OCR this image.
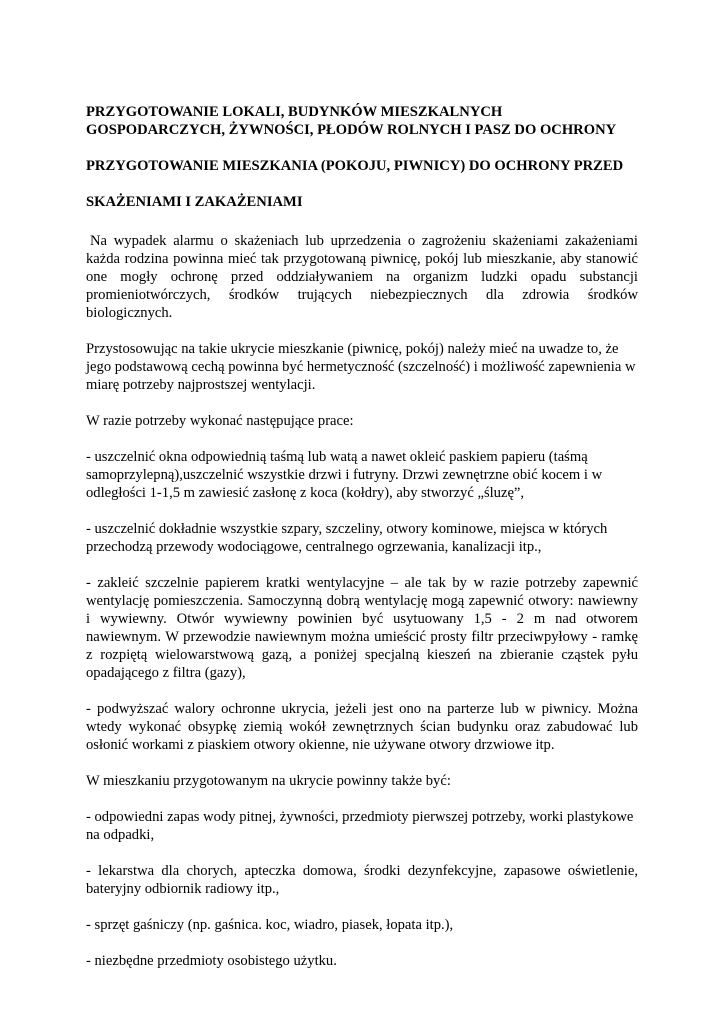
PRZYGOTOWANIE LOKALI, BUDYNKÓW MIESZKALNYCH GOSPODARCZYCH, ŻYWNOŚCI, PŁODÓW ROLNYCH I PASZ DO OCHRONY

PRZYGOTOWANIE MIESZKANIA (POKOJU, PIWNICY) DO OCHRONY PRZED

SKAŻENIAMI I ZAKAŻENIAMI

Na wypadek alarmu o skażeniach lub uprzedzenia o zagrożeniu skażeniami zakażeniami każda rodzina powinna mieć tak przygotowaną piwnicę, pokój lub mieszkanie, aby stanowić one mogły ochronę przed oddziaływaniem na organizm ludzki opadu substancji promieniotwórczych, środków trujących niebezpiecznych dla zdrowia środków biologicznych.

Przystosowując na takie ukrycie mieszkanie (piwnicę, pokój) należy mieć na uwadze to, że jego podstawową cechą powinna być hermetyczność (szczelność) i możliwość zapewnienia w miarę potrzeby najprostszej wentylacji.

W razie potrzeby wykonać następujące prace:

- uszczelnić okna odpowiednią taśmą lub watą a nawet okleić paskiem papieru (taśmą samoprzylepną),uszczelnić wszystkie drzwi i futryny. Drzwi zewnętrzne obić kocem i w odległości 1-1,5 m zawiesić zasłonę z koca (kołdry), aby stworzyć „śluzę”,

- uszczelnić dokładnie wszystkie szpary, szczeliny, otwory kominowe, miejsca w których przechodzą przewody wodociągowe, centralnego ogrzewania, kanalizacji itp.,

- zakleić szczelnie papierem kratki wentylacyjne – ale tak by w razie potrzeby zapewnić wentylację pomieszczenia. Samoczynną dobrą wentylację mogą zapewnić otwory: nawiewny i wywiewny. Otwór wywiewny powinien być usytuowany 1,5 - 2 m nad otworem nawiewnym. W przewodzie nawiewnym można umieścić prosty filtr przeciwpyłowy - ramkę z rozpiętą wielowarstwową gazą, a poniżej specjalną kieszeń na zbieranie cząstek pyłu opadającego z filtra (gazy),

- podwyższać walory ochronne ukrycia, jeżeli jest ono na parterze lub w piwnicy. Można wtedy wykonać obsypkę ziemią wokół zewnętrznych ścian budynku oraz zabudować lub osłonić workami z piaskiem otwory okienne, nie używane otwory drzwiowe itp.

W mieszkaniu przygotowanym na ukrycie powinny także być:

- odpowiedni zapas wody pitnej, żywności, przedmioty pierwszej potrzeby, worki plastykowe na odpadki,

- lekarstwa dla chorych, apteczka domowa, środki dezynfekcyjne, zapasowe oświetlenie, bateryjny odbiornik radiowy itp.,

- sprzęt gaśniczy (np. gaśnica. koc, wiadro, piasek, łopata itp.),

- niezbędne przedmioty osobistego użytku.
